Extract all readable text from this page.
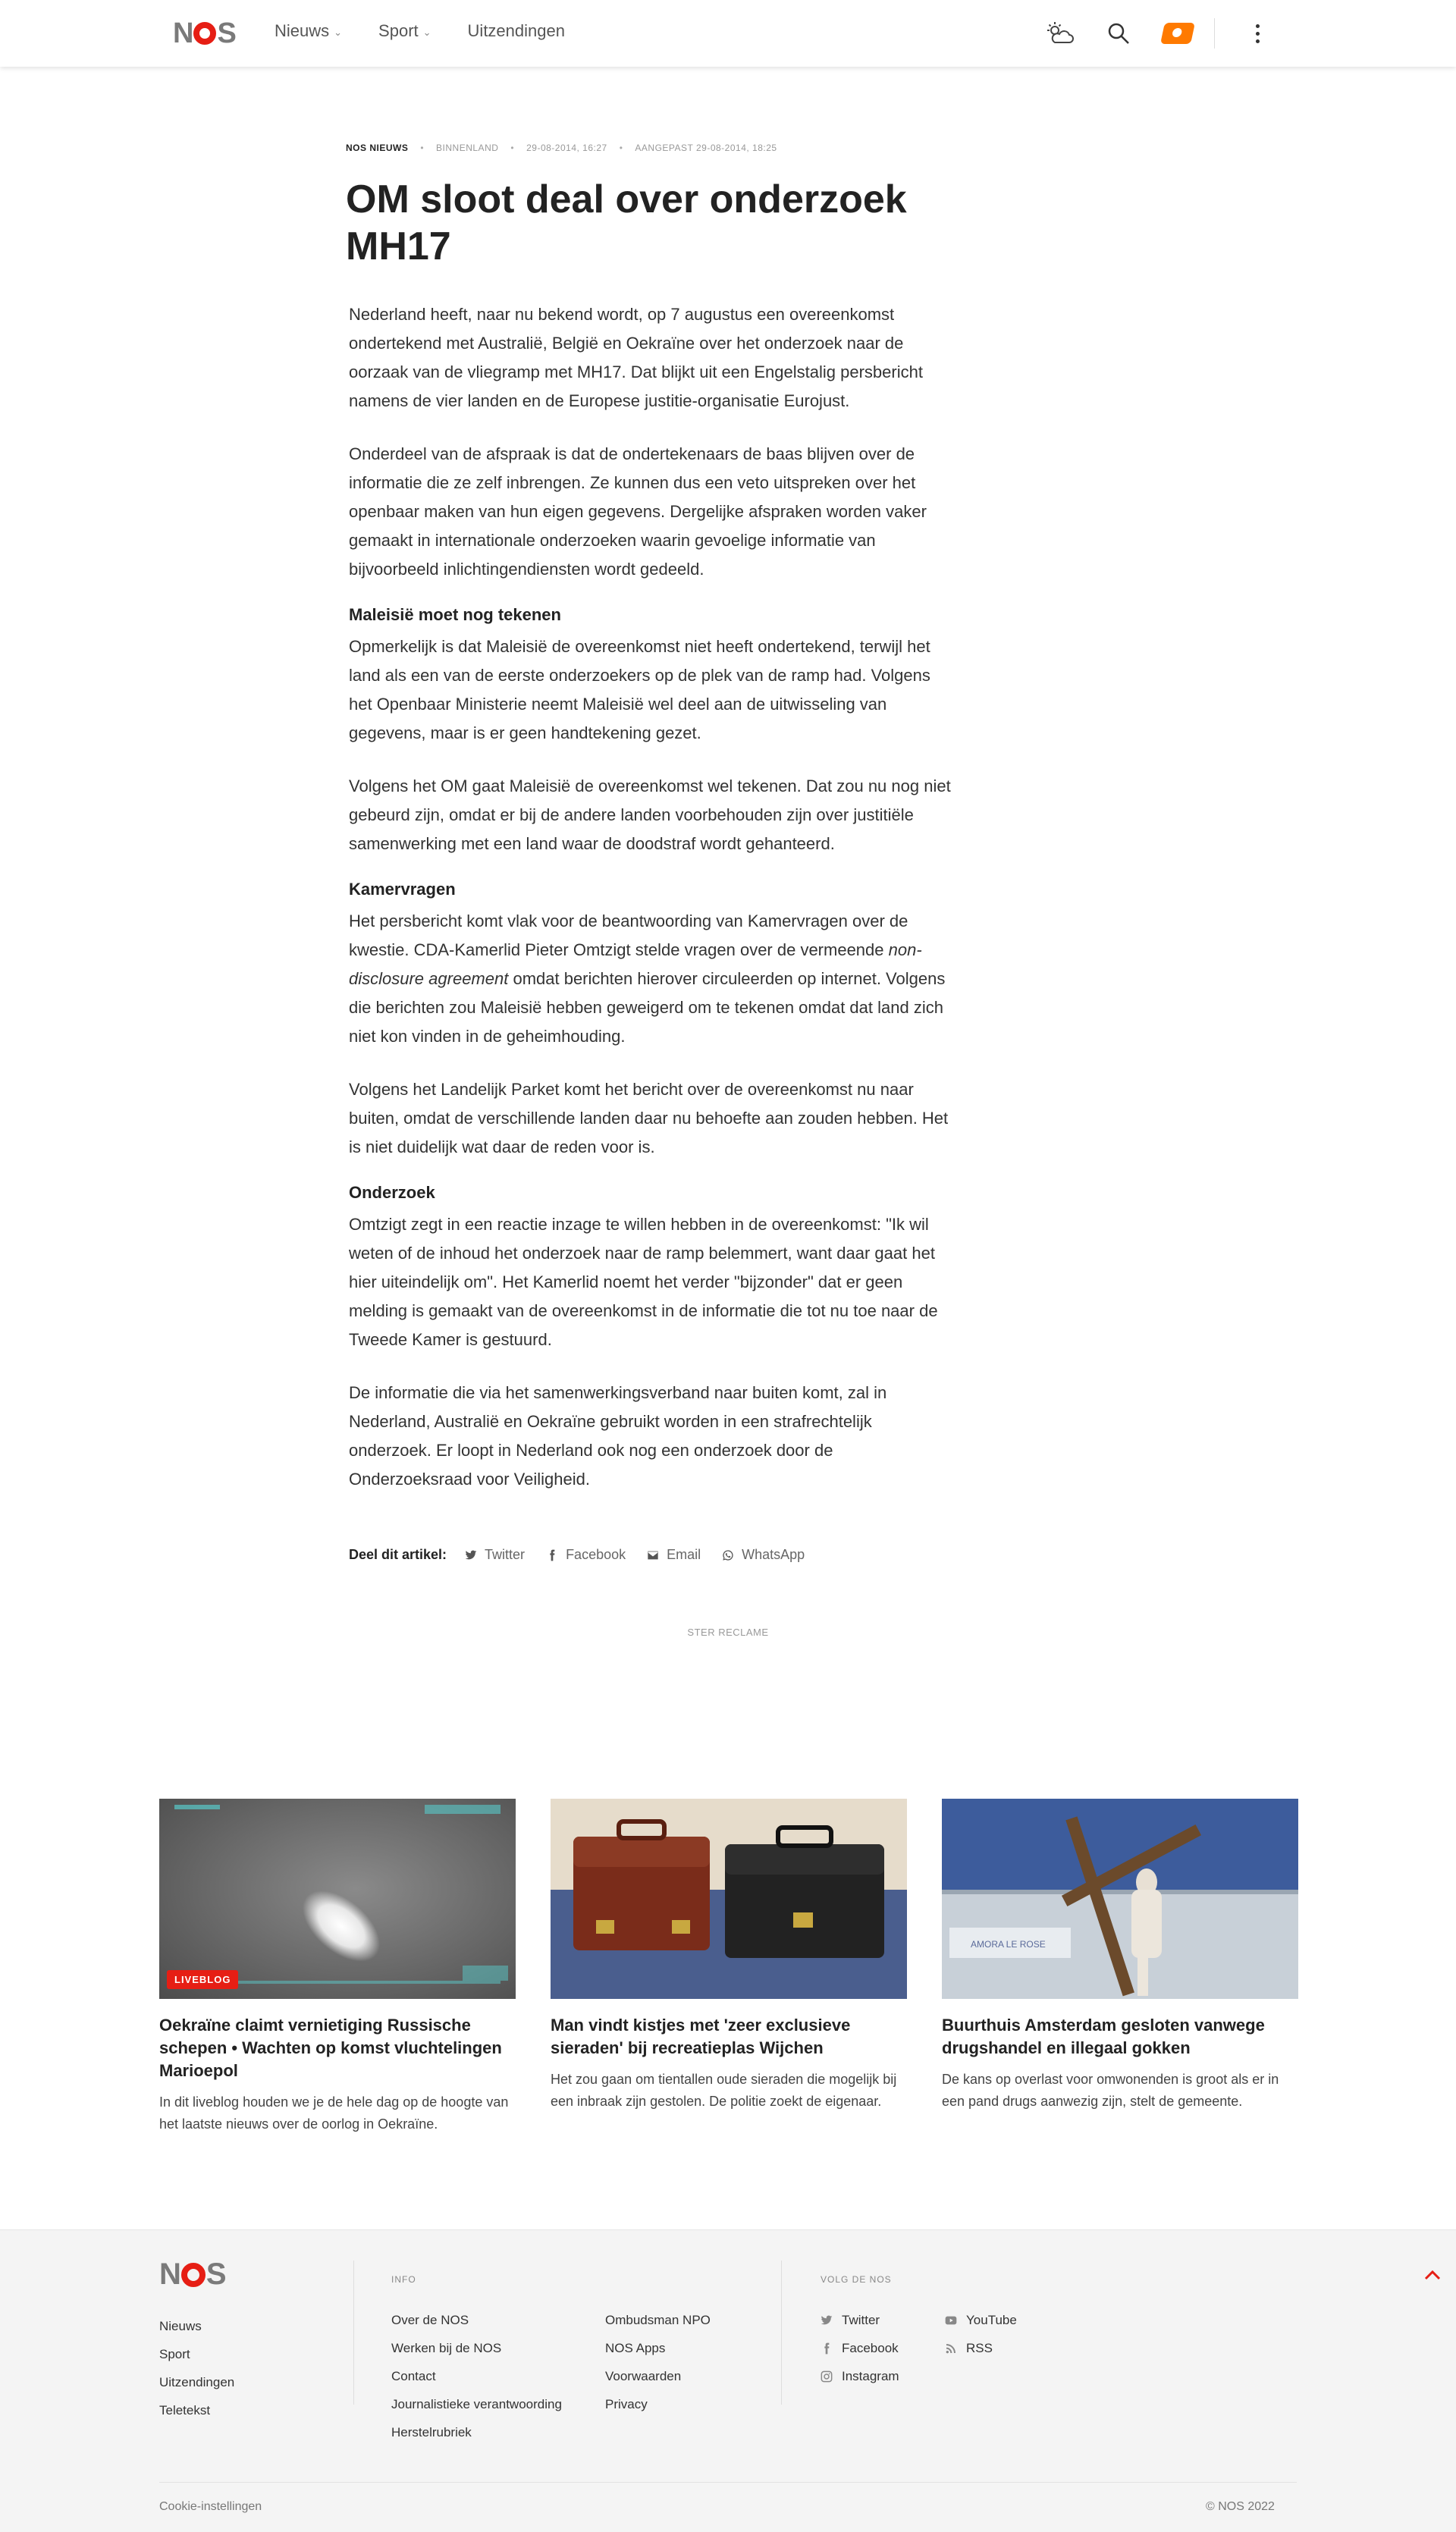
N S Nieuws ⌄ Sport ⌄ Uitzendingen
NOS NIEUWS • BINNENLAND • 29-08-2014, 16:27 • AANGEPAST 29-08-2014, 18:25
OM sloot deal over onderzoek MH17

Nederland heeft, naar nu bekend wordt, op 7 augustus een overeenkomst ondertekend met Australië, België en Oekraïne over het onderzoek naar de oorzaak van de vliegramp met MH17. Dat blijkt uit een Engelstalig persbericht namens de vier landen en de Europese justitie-organisatie Eurojust.

Onderdeel van de afspraak is dat de ondertekenaars de baas blijven over de informatie die ze zelf inbrengen. Ze kunnen dus een veto uitspreken over het openbaar maken van hun eigen gegevens. Dergelijke afspraken worden vaker gemaakt in internationale onderzoeken waarin gevoelige informatie van bijvoorbeeld inlichtingendiensten wordt gedeeld.

Maleisië moet nog tekenen

Opmerkelijk is dat Maleisië de overeenkomst niet heeft ondertekend, terwijl het land als een van de eerste onderzoekers op de plek van de ramp had. Volgens het Openbaar Ministerie neemt Maleisië wel deel aan de uitwisseling van gegevens, maar is er geen handtekening gezet.

Volgens het OM gaat Maleisië de overeenkomst wel tekenen. Dat zou nu nog niet gebeurd zijn, omdat er bij de andere landen voorbehouden zijn over justitiële samenwerking met een land waar de doodstraf wordt gehanteerd.

Kamervragen

Het persbericht komt vlak voor de beantwoording van Kamervragen over de kwestie. CDA-Kamerlid Pieter Omtzigt stelde vragen over de vermeende non-disclosure agreement omdat berichten hierover circuleerden op internet. Volgens die berichten zou Maleisië hebben geweigerd om te tekenen omdat dat land zich niet kon vinden in de geheimhouding.

Volgens het Landelijk Parket komt het bericht over de overeenkomst nu naar buiten, omdat de verschillende landen daar nu behoefte aan zouden hebben. Het is niet duidelijk wat daar de reden voor is.

Onderzoek

Omtzigt zegt in een reactie inzage te willen hebben in de overeenkomst: "Ik wil weten of de inhoud het onderzoek naar de ramp belemmert, want daar gaat het hier uiteindelijk om". Het Kamerlid noemt het verder "bijzonder" dat er geen melding is gemaakt van de overeenkomst in de informatie die tot nu toe naar de Tweede Kamer is gestuurd.

De informatie die via het samenwerkingsverband naar buiten komt, zal in Nederland, Australië en Oekraïne gebruikt worden in een strafrechtelijk onderzoek. Er loopt in Nederland ook nog een onderzoek door de Onderzoeksraad voor Veiligheid.

Deel dit artikel:	Twitter	Facebook	Email	WhatsApp
STER RECLAME
LIVEBLOG
Oekraïne claimt vernietiging Russische schepen • Wachten op komst vluchtelingen Marioepol

In dit liveblog houden we je de hele dag op de hoogte van het laatste nieuws over de oorlog in Oekraïne.

Man vindt kistjes met 'zeer exclusieve sieraden' bij recreatieplas Wijchen

Het zou gaan om tientallen oude sieraden die mogelijk bij een inbraak zijn gestolen. De politie zoekt de eigenaar.

AMORA LE ROSE
Buurthuis Amsterdam gesloten vanwege drugshandel en illegaal gokken

De kans op overlast voor omwonenden is groot als er in een pand drugs aanwezig zijn, stelt de gemeente.

N S
Nieuws
Sport
Uitzendingen
Teletekst
INFO
Over de NOS
Werken bij de NOS
Contact
Journalistieke verantwoording
Herstelrubriek
Ombudsman NPO
NOS Apps
Voorwaarden
Privacy
VOLG DE NOS
Twitter
Facebook
Instagram
YouTube
RSS
Cookie-instellingen	© NOS 2022
